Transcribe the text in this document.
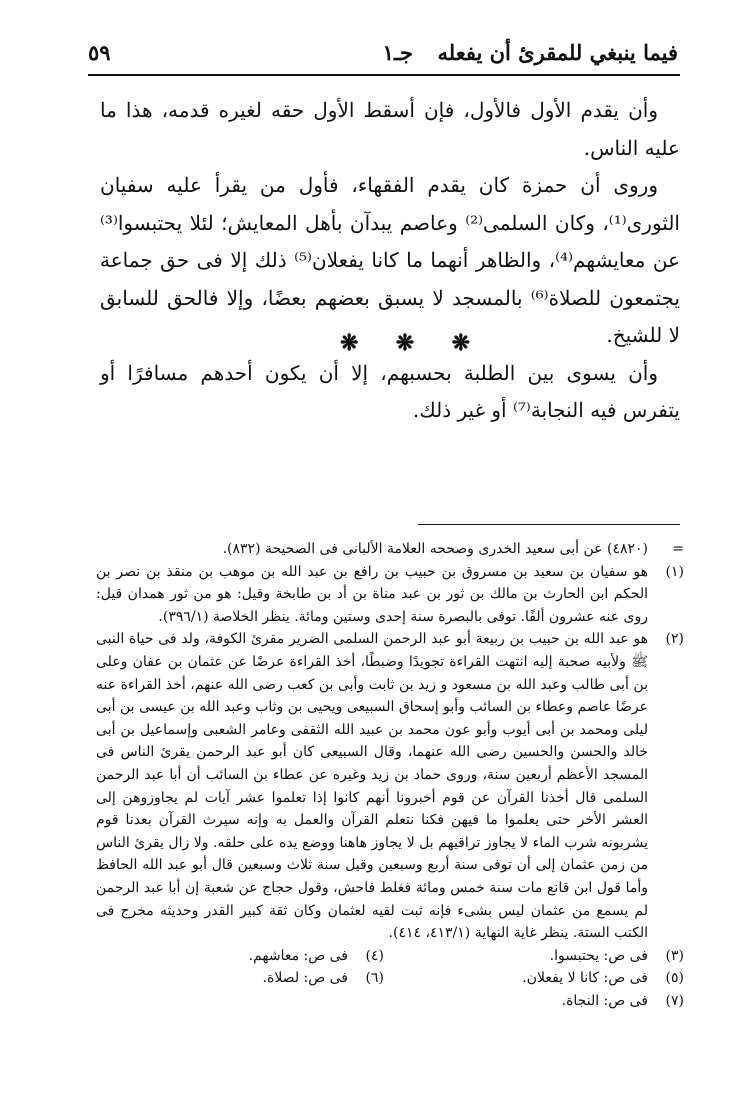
فيما ينبغي للمقرئ أن يفعله
جـ١
٥٩

وأن يقدم الأول فالأول، فإن أسقط الأول حقه لغيره قدمه، هذا ما عليه الناس.

وروى أن حمزة كان يقدم الفقهاء، فأول من يقرأ عليه سفيان الثورى⁽¹⁾، وكان السلمى⁽²⁾ وعاصم يبدآن بأهل المعايش؛ لئلا يحتبسوا⁽³⁾ عن معايشهم⁽⁴⁾، والظاهر أنهما ما كانا يفعلان⁽⁵⁾ ذلك إلا فى حق جماعة يجتمعون للصلاة⁽⁶⁾ بالمسجد لا يسبق بعضهم بعضًا، وإلا فالحق للسابق لا للشيخ.

وأن يسوى بين الطلبة بحسبهم، إلا أن يكون أحدهم مسافرًا أو يتفرس فيه النجابة⁽⁷⁾ أو غير ذلك.

❋ ❋ ❋
=
(٤٨٢٠) عن أبى سعيد الخدرى وصححه العلامة الألبانى فى الصحيحة (٨٣٢).
(١)
هو سفيان بن سعيد بن مسروق بن حبيب بن رافع بن عبد الله بن موهب بن منقذ بن نصر بن الحكم ابن الحارث بن مالك بن ثور بن عبد مناة بن أد بن طابخة وقيل: هو من ثور همدان قيل: روى عنه عشرون ألفًا. توفى بالبصرة سنة إحدى وستين ومائة. ينظر الخلاصة (٣٩٦/١).
(٢)
هو عبد الله بن حبيب بن ربيعة أبو عبد الرحمن السلمى الضرير مقرئ الكوفة، ولد فى حياة النبى ﷺ ولأبيه صحبة إليه انتهت القراءة تجويدًا وضبطًا، أخذ القراءة عرضًا عن عثمان بن عفان وعلى بن أبى طالب وعبد الله بن مسعود و زيد بن ثابت وأبى بن كعب رضى الله عنهم، أخذ القراءة عنه عرضًا عاصم وعطاء بن السائب وأبو إسحاق السبيعى ويحيى بن وثاب وعبد الله بن عيسى بن أبى ليلى ومحمد بن أبى أيوب وأبو عون محمد بن عبيد الله الثقفى وعامر الشعبى وإسماعيل بن أبى خالد والحسن والحسين رضى الله عنهما، وقال السبيعى كان أبو عبد الرحمن يقرئ الناس فى المسجد الأعظم أربعين سنة، وروى حماد بن زيد وغيره عن عطاء بن السائب أن أبا عبد الرحمن السلمى قال أخذنا القرآن عن قوم أخبرونا أنهم كانوا إذا تعلموا عشر آيات لم يجاوزوهن إلى العشر الأخر حتى يعلموا ما فيهن فكنا نتعلم القرآن والعمل به وإنه سيرث القرآن بعدنا قوم يشربونه شرب الماء لا يجاوز تراقيهم بل لا يجاوز هاهنا ووضع يده على حلقه. ولا زال يقرئ الناس من زمن عثمان إلى أن توفى سنة أربع وسبعين وقيل سنة ثلاث وسبعين قال أبو عبد الله الحافظ وأما قول ابن قانع مات سنة خمس ومائة فغلط فاحش، وقول حجاج عن شعبة إن أبا عبد الرحمن لم يسمع من عثمان ليس بشىء فإنه ثبت لقيه لعثمان وكان ثقة كبير القدر وحديثه مخرج فى الكتب الستة. ينظر غاية النهاية (٤١٣/١، ٤١٤).
(٣)
فى ص: يحتبسوا.
(٤)
فى ص: معاشهم.
(٥)
فى ص: كانا لا يفعلان.
(٦)
فى ص: لصلاة.
(٧)
فى ص: النجاة.
